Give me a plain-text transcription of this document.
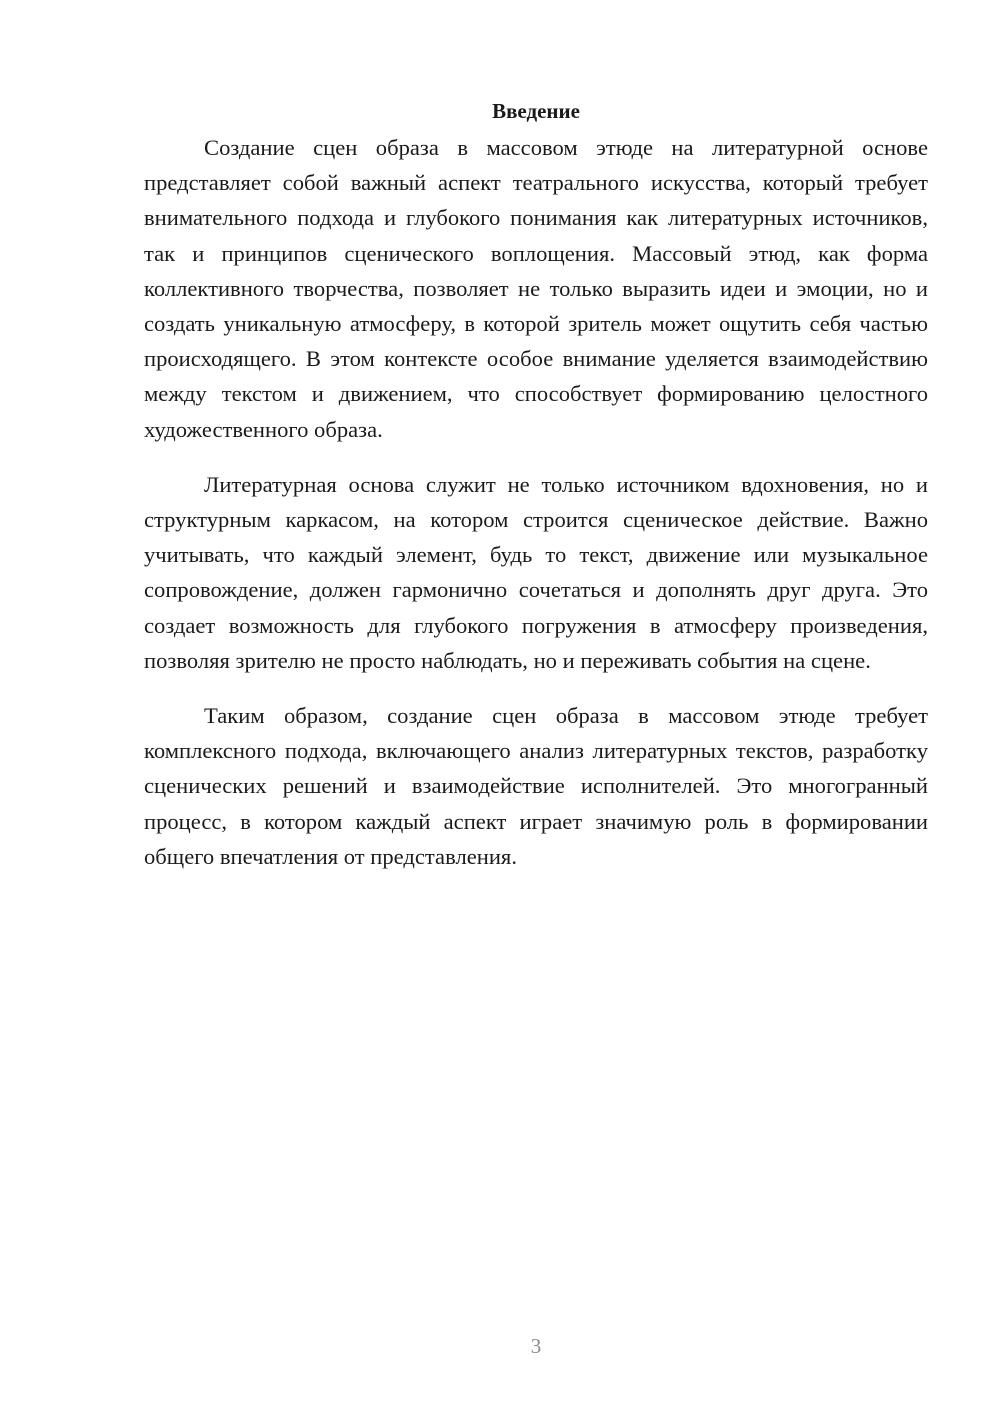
Введение

Создание сцен образа в массовом этюде на литературной основе представляет собой важный аспект театрального искусства, который требует внимательного подхода и глубокого понимания как литературных источников, так и принципов сценического воплощения. Массовый этюд, как форма коллективного творчества, позволяет не только выразить идеи и эмоции, но и создать уникальную атмосферу, в которой зритель может ощутить себя частью происходящего. В этом контексте особое внимание уделяется взаимодействию между текстом и движением, что способствует формированию целостного художественного образа.

Литературная основа служит не только источником вдохновения, но и структурным каркасом, на котором строится сценическое действие. Важно учитывать, что каждый элемент, будь то текст, движение или музыкальное сопровождение, должен гармонично сочетаться и дополнять друг друга. Это создает возможность для глубокого погружения в атмосферу произведения, позволяя зрителю не просто наблюдать, но и переживать события на сцене.

Таким образом, создание сцен образа в массовом этюде требует комплексного подхода, включающего анализ литературных текстов, разработку сценических решений и взаимодействие исполнителей. Это многогранный процесс, в котором каждый аспект играет значимую роль в формировании общего впечатления от представления.

3
